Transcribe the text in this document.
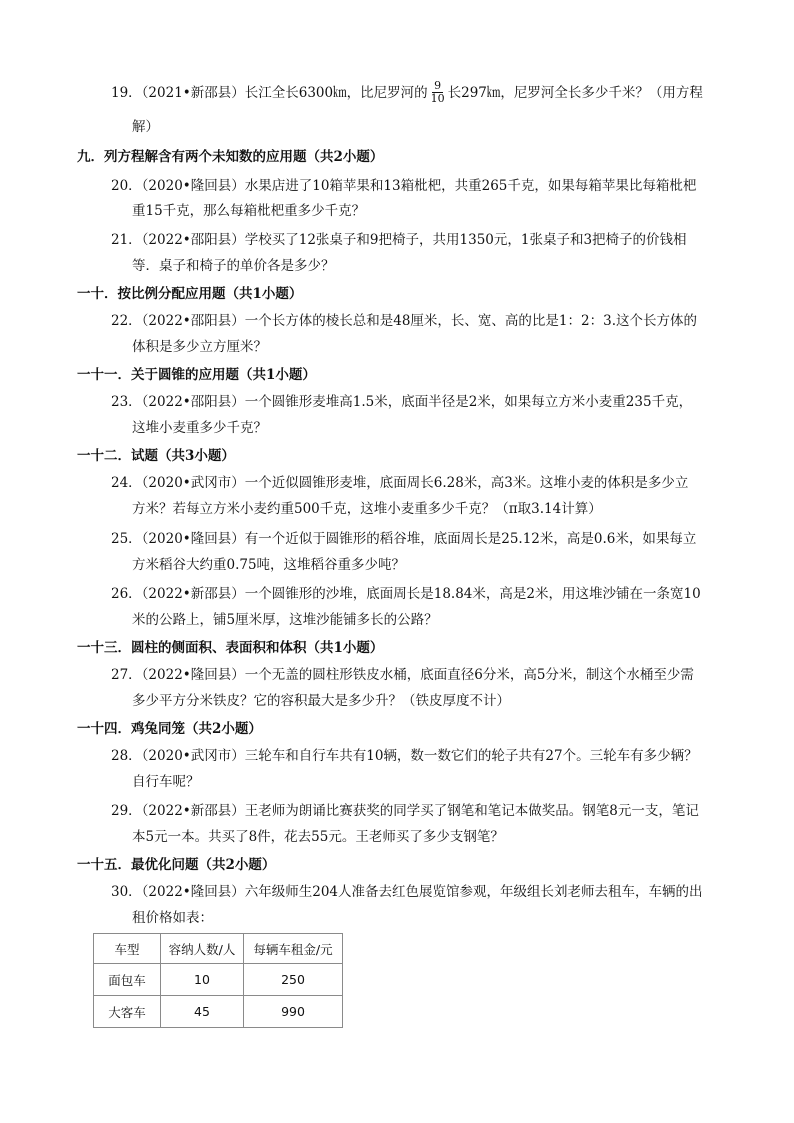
19．（2021•新邵县）长江全长6300㎞，比尼罗河的 $\frac{9}{10}$ 长297㎞，尼罗河全长多少千米？（用方程
解）
九．列方程解含有两个未知数的应用题（共2小题）
20．（2020•隆回县）水果店进了10箱苹果和13箱枇杷，共重265千克，如果每箱苹果比每箱枇杷
重15千克，那么每箱枇杷重多少千克？
21．（2022•邵阳县）学校买了12张桌子和9把椅子，共用1350元，1张桌子和3把椅子的价钱相
等．桌子和椅子的单价各是多少？
一十．按比例分配应用题（共1小题）
22．（2022•邵阳县）一个长方体的棱长总和是48厘米，长、宽、高的比是1：2：3.这个长方体的
体积是多少立方厘米？
一十一．关于圆锥的应用题（共1小题）
23．（2022•邵阳县）一个圆锥形麦堆高1.5米，底面半径是2米，如果每立方米小麦重235千克，
这堆小麦重多少千克？
一十二．试题（共3小题）
24．（2020•武冈市）一个近似圆锥形麦堆，底面周长6.28米，高3米。这堆小麦的体积是多少立
方米？若每立方米小麦约重500千克，这堆小麦重多少千克？（π取3.14计算）
25．（2020•隆回县）有一个近似于圆锥形的稻谷堆，底面周长是25.12米，高是0.6米，如果每立
方米稻谷大约重0.75吨，这堆稻谷重多少吨？
26．（2022•新邵县）一个圆锥形的沙堆，底面周长是18.84米，高是2米，用这堆沙铺在一条宽10
米的公路上，铺5厘米厚，这堆沙能铺多长的公路？
一十三．圆柱的侧面积、表面积和体积（共1小题）
27．（2022•隆回县）一个无盖的圆柱形铁皮水桶，底面直径6分米，高5分米，制这个水桶至少需
多少平方分米铁皮？它的容积最大是多少升？（铁皮厚度不计）
一十四．鸡兔同笼（共2小题）
28．（2020•武冈市）三轮车和自行车共有10辆，数一数它们的轮子共有27个。三轮车有多少辆？
自行车呢？
29．（2022•新邵县）王老师为朗诵比赛获奖的同学买了钢笔和笔记本做奖品。钢笔8元一支，笔记
本5元一本。共买了8件，花去55元。王老师买了多少支钢笔？
一十五．最优化问题（共2小题）
30．（2022•隆回县）六年级师生204人准备去红色展览馆参观，年级组长刘老师去租车，车辆的出
租价格如表：
车型	容纳人数/人	每辆车租金/元
面包车	10	250
大客车	45	990
